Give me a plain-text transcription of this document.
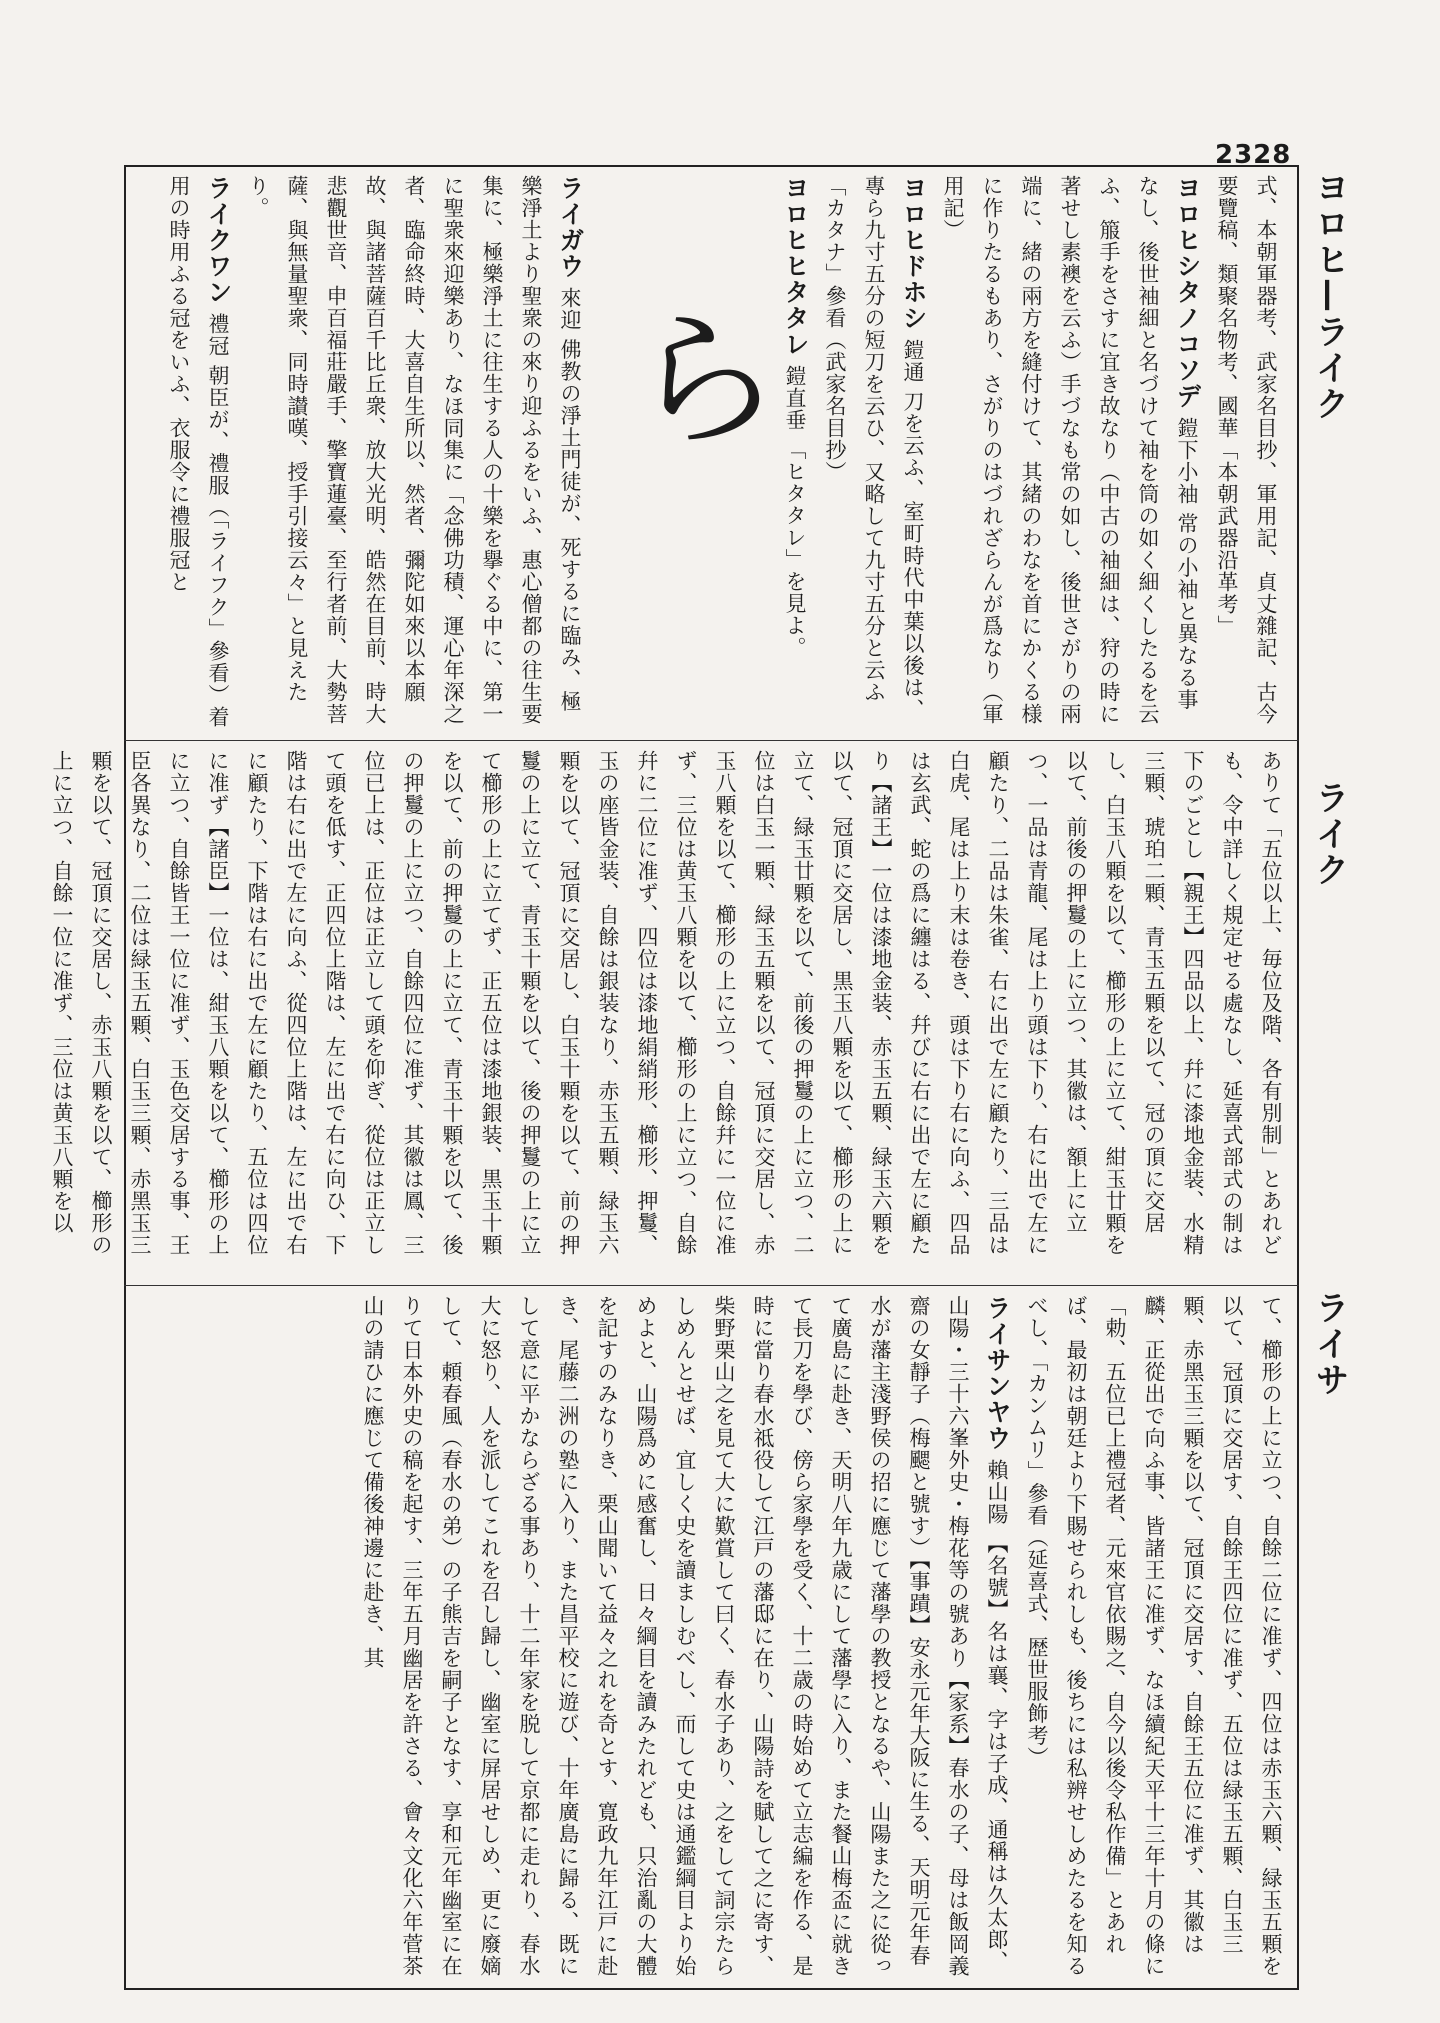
2328
ヨロヒ—ライク
ライク
ライサ
ら	式、本朝軍器考、武家名目抄、軍用記、貞丈雜記、古今要覽稿、類聚名物考、國華「本朝武器沿革考」
ヨロヒシタノコソデ 鎧下小袖 常の小袖と異なる事なし、後世袖細と名づけて袖を筒の如く細くしたるを云ふ、箙手をさすに宜き故なり（中古の袖細は、狩の時に著せし素襖を云ふ）手づなも常の如し、後世さがりの兩端に、緒の兩方を縫付けて、其緒のわなを首にかくる様に作りたるもあり、さがりのはづれざらんが爲なり（軍用記）
ヨロヒドホシ 鎧通 刀を云ふ、室町時代中葉以後は、專ら九寸五分の短刀を云ひ、又略して九寸五分と云ふ「カタナ」參看（武家名目抄）
ヨロヒヒタタレ 鎧直垂 「ヒタタレ」を見よ。
ライガウ 來迎 佛教の淨土門徒が、死するに臨み、極樂淨土より聖衆の來り迎ふるをいふ、惠心僧都の往生要集に、極樂淨土に往生する人の十樂を擧ぐる中に、第一に聖衆來迎樂あり、なほ同集に「念佛功積、運心年深之者、臨命終時、大喜自生所以、然者、彌陀如來以本願故、與諸菩薩百千比丘衆、放大光明、皓然在目前、時大悲觀世音、申百福莊嚴手、擎寶蓮臺、至行者前、大勢菩薩、與無量聖衆、同時讃嘆、授手引接云々」と見えたり。
ライクワン 禮冠 朝臣が、禮服（「ライフク」參看）着用の時用ふる冠をいふ、衣服令に禮服冠と
ありて「五位以上、毎位及階、各有別制」とあれども、令中詳しく規定せる處なし、延喜式部式の制は下のごとし【親王】四品以上、幷に漆地金装、水精三顆、琥珀二顆、青玉五顆を以て、冠の頂に交居し、白玉八顆を以て、櫛形の上に立て、紺玉廿顆を以て、前後の押鬘の上に立つ、其徽は、額上に立つ、一品は青龍、尾は上り頭は下り、右に出で左に顧たり、二品は朱雀、右に出で左に顧たり、三品は白虎、尾は上り末は卷き、頭は下り右に向ふ、四品は玄武、蛇の爲に纏はる、幷びに右に出で左に顧たり【諸王】一位は漆地金装、赤玉五顆、緑玉六顆を以て、冠頂に交居し、黒玉八顆を以て、櫛形の上に立て、緑玉廿顆を以て、前後の押鬘の上に立つ、二位は白玉一顆、緑玉五顆を以て、冠頂に交居し、赤玉八顆を以て、櫛形の上に立つ、自餘幷に一位に准ず、三位は黄玉八顆を以て、櫛形の上に立つ、自餘幷に二位に准ず、四位は漆地絹綃形、櫛形、押鬘、玉の座皆金装、自餘は銀装なり、赤玉五顆、緑玉六顆を以て、冠頂に交居し、白玉十顆を以て、前の押鬘の上に立て、青玉十顆を以て、後の押鬘の上に立て櫛形の上に立てず、正五位は漆地銀装、黒玉十顆を以て、前の押鬘の上に立て、青玉十顆を以て、後の押鬘の上に立つ、自餘四位に准ず、其徽は鳳、三位已上は、正位は正立して頭を仰ぎ、從位は正立して頭を低す、正四位上階は、左に出で右に向ひ、下階は右に出で左に向ふ、從四位上階は、左に出で右に顧たり、下階は右に出で左に顧たり、五位は四位に准ず【諸臣】一位は、紺玉八顆を以て、櫛形の上に立つ、自餘皆王一位に准ず、玉色交居する事、王臣各異なり、二位は緑玉五顆、白玉三顆、赤黑玉三顆を以て、冠頂に交居し、赤玉八顆を以て、櫛形の上に立つ、自餘一位に准ず、三位は黄玉八顆を以
て、櫛形の上に立つ、自餘二位に准ず、四位は赤玉六顆、緑玉五顆を以て、冠頂に交居す、自餘王四位に准ず、五位は緑玉五顆、白玉三顆、赤黑玉三顆を以て、冠頂に交居す、自餘王五位に准ず、其徽は麟、正從出で向ふ事、皆諸王に准ず、なほ續紀天平十三年十月の條に「勅、五位已上禮冠者、元來官依賜之、自今以後令私作備」とあれば、最初は朝廷より下賜せられしも、後ちには私辨せしめたるを知るべし、「カンムリ」參看（延喜式、歴世服飾考）
ライサンヤウ 賴山陽 【名號】名は襄、字は子成、通稱は久太郎、山陽・三十六峯外史・梅花等の號あり【家系】春水の子、母は飯岡義齋の女靜子（梅颸と號す）【事蹟】安永元年大阪に生る、天明元年春水が藩主淺野侯の招に應じて藩學の教授となるや、山陽また之に從って廣島に赴き、天明八年九歳にして藩學に入り、また餐山梅盃に就きて長刀を學び、傍ら家學を受く、十二歳の時始めて立志編を作る、是時に當り春水祗役して江戸の藩邸に在り、山陽詩を賦して之に寄す、柴野栗山之を見て大に歎賞して曰く、春水子あり、之をして詞宗たらしめんとせば、宜しく史を讀ましむべし、而して史は通鑑綱目より始めよと、山陽爲めに感奮し、日々綱目を讀みたれども、只治亂の大體を記すのみなりき、栗山聞いて益々之れを奇とす、寛政九年江戸に赴き、尾藤二洲の塾に入り、また昌平校に遊び、十年廣島に歸る、既にして意に平かならざる事あり、十二年家を脱して京都に走れり、春水大に怒り、人を派してこれを召し歸し、幽室に屏居せしめ、更に廢嫡して、頼春風（春水の弟）の子熊吉を嗣子となす、享和元年幽室に在りて日本外史の稿を起す、三年五月幽居を許さる、會々文化六年菅茶山の請ひに應じて備後神邊に赴き、其
